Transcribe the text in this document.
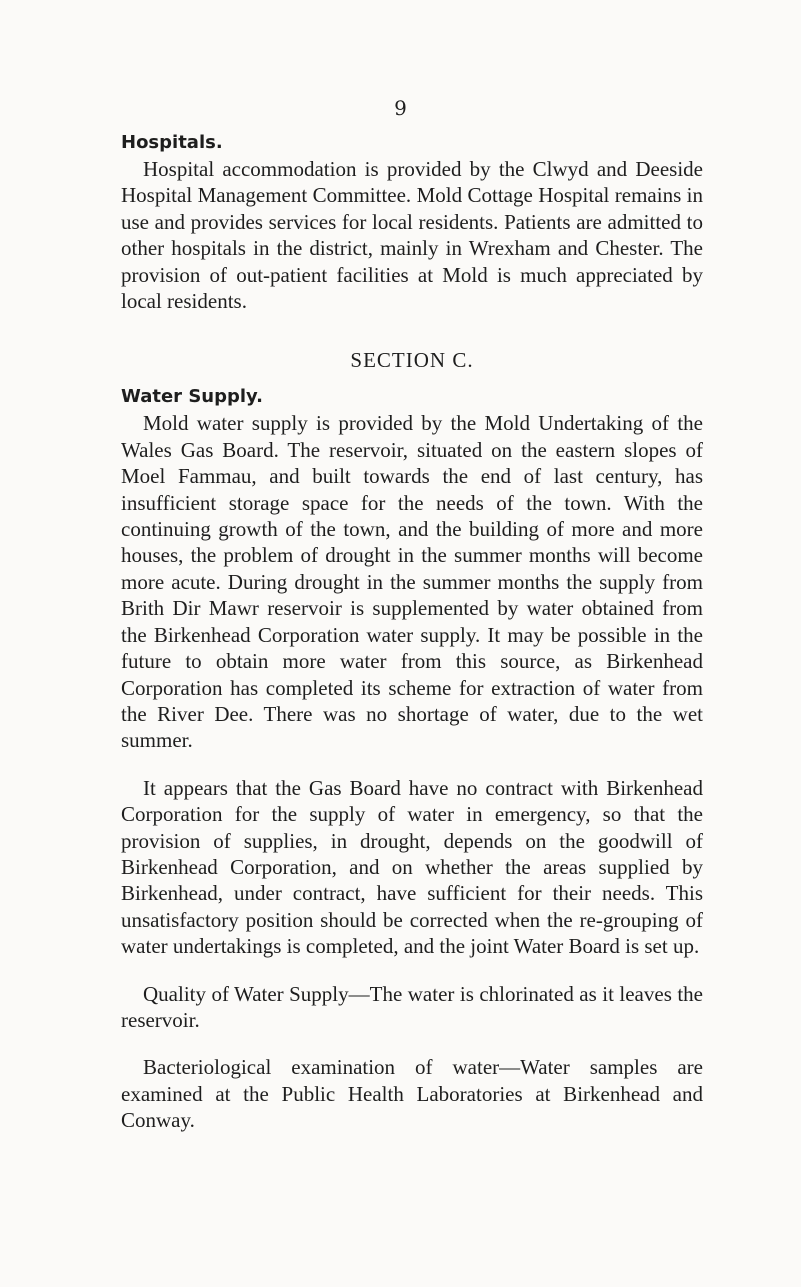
9
Hospitals.

Hospital accommodation is provided by the Clwyd and Deeside Hospital Management Committee. Mold Cottage Hospital remains in use and provides services for local residents. Patients are admitted to other hospitals in the district, mainly in Wrexham and Chester. The provision of out-patient facilities at Mold is much appreciated by local residents.

SECTION C.
Water Supply.

Mold water supply is provided by the Mold Undertaking of the Wales Gas Board. The reservoir, situated on the eastern slopes of Moel Fammau, and built towards the end of last century, has insufficient storage space for the needs of the town. With the continuing growth of the town, and the building of more and more houses, the problem of drought in the summer months will become more acute. During drought in the summer months the supply from Brith Dir Mawr reservoir is supplemented by water obtained from the Birkenhead Corporation water supply. It may be possible in the future to obtain more water from this source, as Birkenhead Corporation has completed its scheme for extraction of water from the River Dee. There was no shortage of water, due to the wet summer.

It appears that the Gas Board have no contract with Birkenhead Corporation for the supply of water in emergency, so that the provision of supplies, in drought, depends on the goodwill of Birkenhead Corporation, and on whether the areas supplied by Birkenhead, under contract, have sufficient for their needs. This unsatisfactory position should be corrected when the re-grouping of water undertakings is completed, and the joint Water Board is set up.

Quality of Water Supply—The water is chlorinated as it leaves the reservoir.

Bacteriological examination of water—Water samples are examined at the Public Health Laboratories at Birkenhead and Conway.
